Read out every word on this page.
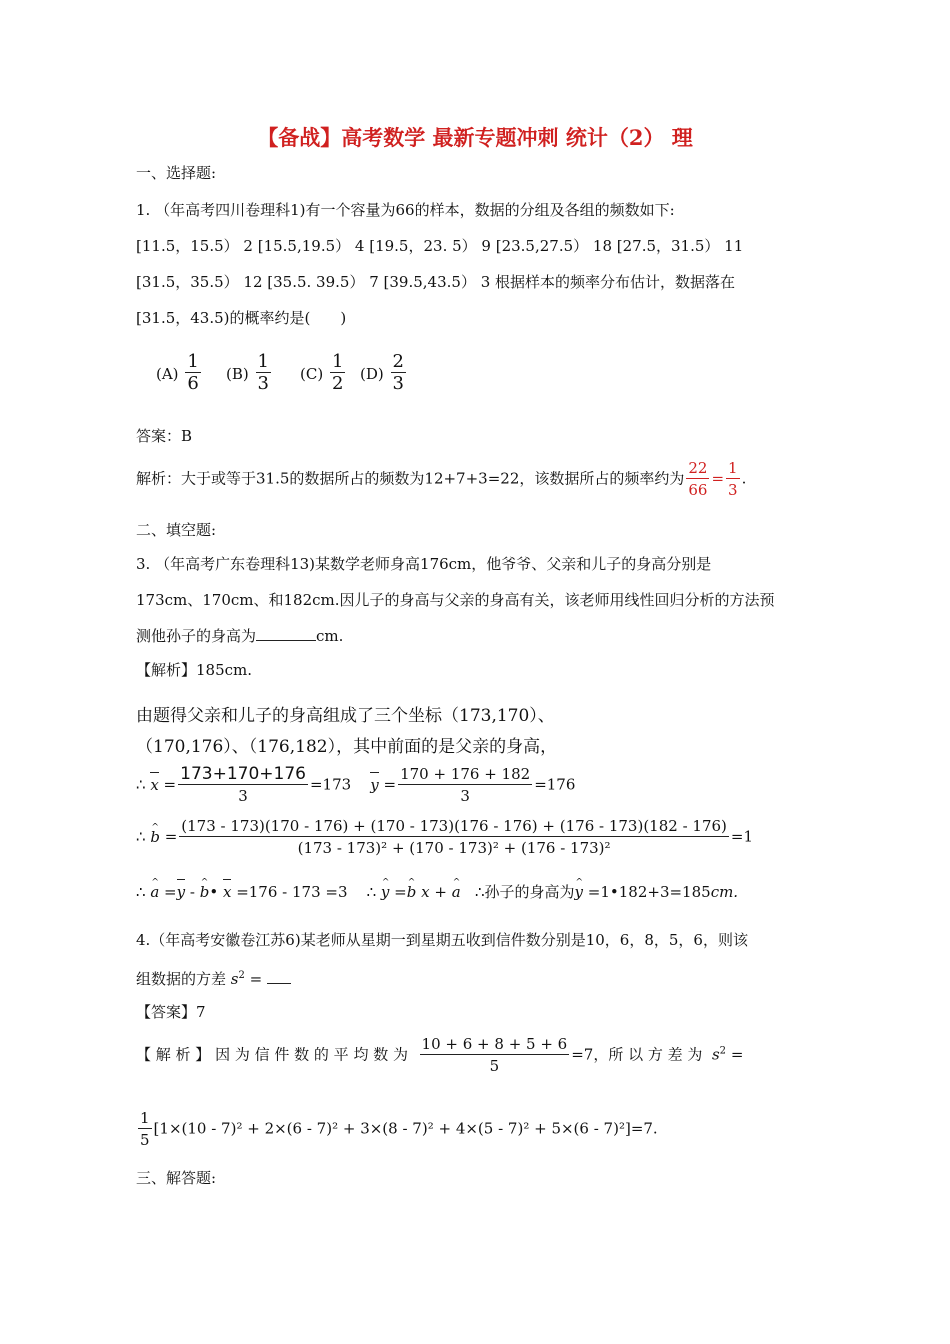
【备战】高考数学 最新专题冲刺 统计（2） 理
一、选择题:
1. （年高考四川卷理科1)有一个容量为66的样本，数据的分组及各组的频数如下:
[11.5，15.5） 2 [15.5,19.5） 4 [19.5，23. 5） 9 [23.5,27.5） 18 [27.5，31.5） 11
[31.5，35.5） 12 [35.5. 39.5） 7 [39.5,43.5） 3 根据样本的频率分布估计，数据落在
[31.5，43.5)的概率约是(　　)
$(A) \frac{1}{6} (B) \frac{1}{3} (C) \frac{1}{2} (D) \frac{2}{3}$
答案：B
解析：大于或等于31.5的数据所占的频数为12+7+3=22，该数据所占的频率约为 $\frac{22}{66} = \frac{1}{3}$ .
二、填空题:
3. （年高考广东卷理科13)某数学老师身高176cm，他爷爷、父亲和儿子的身高分别是
173cm、170cm、和182cm.因儿子的身高与父亲的身高有关，该老师用线性回归分析的方法预
测他孙子的身高为	cm.
【解析】185cm.
由题得父亲和儿子的身高组成了三个坐标（173,170）、
（170,176）、（176,182），其中前面的是父亲的身高，
∴ $x = \frac{173+170+176}{3} =173$ $y = \frac{170 + 176 + 182}{3} =176$
∴ ^ b =
(173 - 173)(170 - 176) + (170 - 173)(176 - 176) + (176 - 173)(182 - 176)
(173 - 173)² + (170 - 173)² + (176 - 173)²
=1
∴ ^ a =y - ^ b• x =176 - 173 =3    ∴ ^ y =^ b x + ^ a ∴孙子的身高为^ y =1•182+3=185cm.
4.（年高考安徽卷江苏6)某老师从星期一到星期五收到信件数分别是10，6，8，5，6，则该
组数据的方差 $s^2$ =
【答案】7
【 解 析 】 因 为 信 件 数 的 平 均 数 为 $\frac{10 + 6 + 8 + 5 + 6}{5} =7$，所 以 方 差 为 $s^2$ =
$\frac{1}{5} [1\times(10 - 7)^2 + 2\times(6 - 7)^2 + 3\times(8 - 7)^2 + 4\times(5 - 7)^2 + 5\times(6 - 7)^2]=7$.
三、解答题:
